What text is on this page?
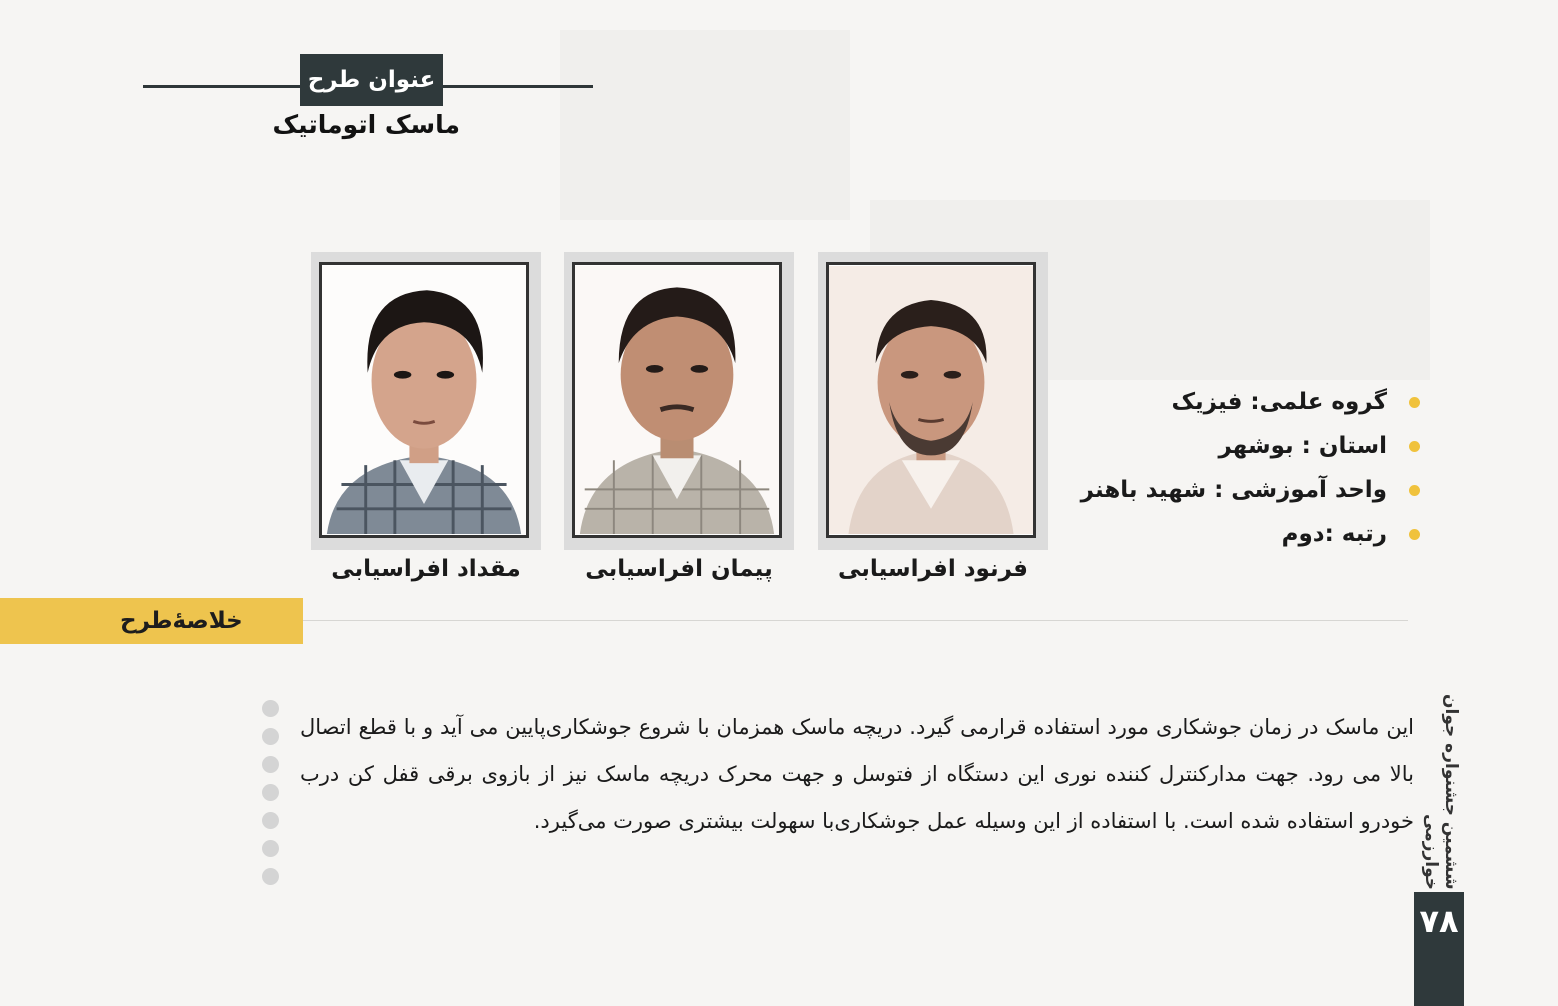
عنوان طرح
ماسک اتوماتیک
فرنود افراسیابی
پیمان افراسیابی
مقداد افراسیابی
گروه علمی: فیزیک
استان : بوشهر
واحد آموزشی : شهید باهنر
رتبه :دوم
خلاصۀطرح
این ماسک در زمان جوشکاری مورد استفاده قرارمی گیرد. دریچه ماسک همزمان با شروع جوشکاری‌پایین می آید و با قطع اتصال بالا می رود. جهت مدارکنترل کننده نوری این دستگاه از فتوسل و جهت محرک دریچه ماسک نیز از بازوی برقی قفل کن درب خودرو استفاده شده است. با استفاده از این وسیله عمل جوشکاری‌با سهولت بیشتری صورت می‌گیرد.	ششمین جشنواره جوان خوارزمی
۷۸
